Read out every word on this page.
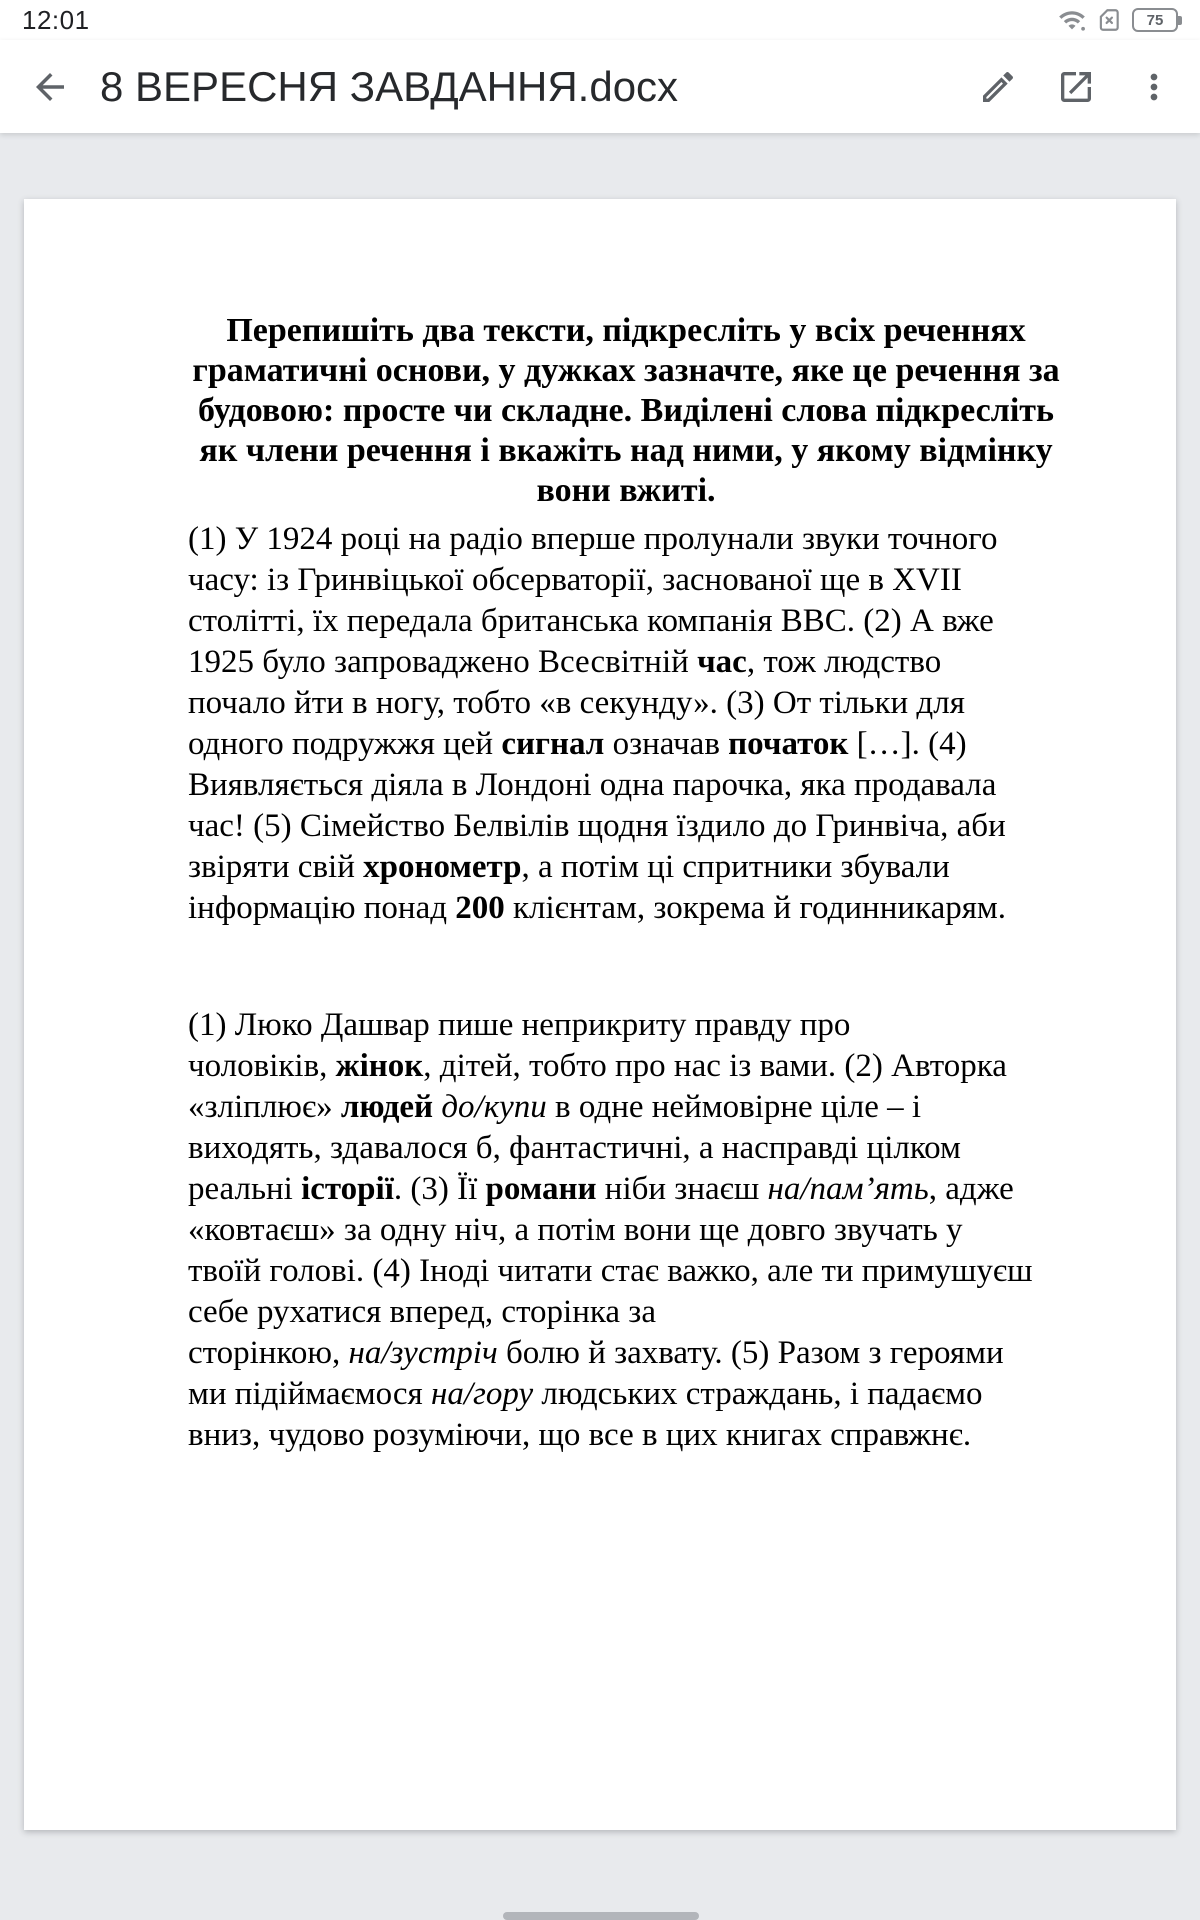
12:01	75
8 ВЕРЕСНЯ ЗАВДАННЯ.docx
Перепишіть два тексти, підкресліть у всіх реченнях
граматичні основи, у дужках зазначте, яке це речення за
будовою: просте чи складне. Виділені слова підкресліть
як члени речення і вкажіть над ними, у якому відмінку
вони вжиті.
(1) У 1924 році на радіо вперше пролунали звуки точного
часу: із Гринвіцької обсерваторії, заснованої ще в XVII
столітті, їх передала британська компанія ВВС. (2) А вже
1925 було запроваджено Всесвітній час, тож людство
почало йти в ногу, тобто «в секунду». (3) От тільки для
одного подружжя цей сигнал означав початок […]. (4)
Виявляється діяла в Лондоні одна парочка, яка продавала
час! (5) Сімейство Белвілів щодня їздило до Гринвіча, аби
звіряти свій хронометр, а потім ці спритники збували
інформацію понад 200 клієнтам, зокрема й годинникарям.
(1) Люко Дашвар пише неприкриту правду про
чоловіків, жінок, дітей, тобто про нас із вами. (2) Авторка
«зліплює» людей до/купи в одне неймовірне ціле – і
виходять, здавалося б, фантастичні, а насправді цілком
реальні історії. (3) Її романи ніби знаєш на/пам’ять, адже
«ковтаєш» за одну ніч, а потім вони ще довго звучать у
твоїй голові. (4) Іноді читати стає важко, але ти примушуєш
себе рухатися вперед, сторінка за
сторінкою, на/зустріч болю й захвату. (5) Разом з героями
ми підіймаємося на/гору людських страждань, і падаємо
вниз, чудово розуміючи, що все в цих книгах справжнє.
